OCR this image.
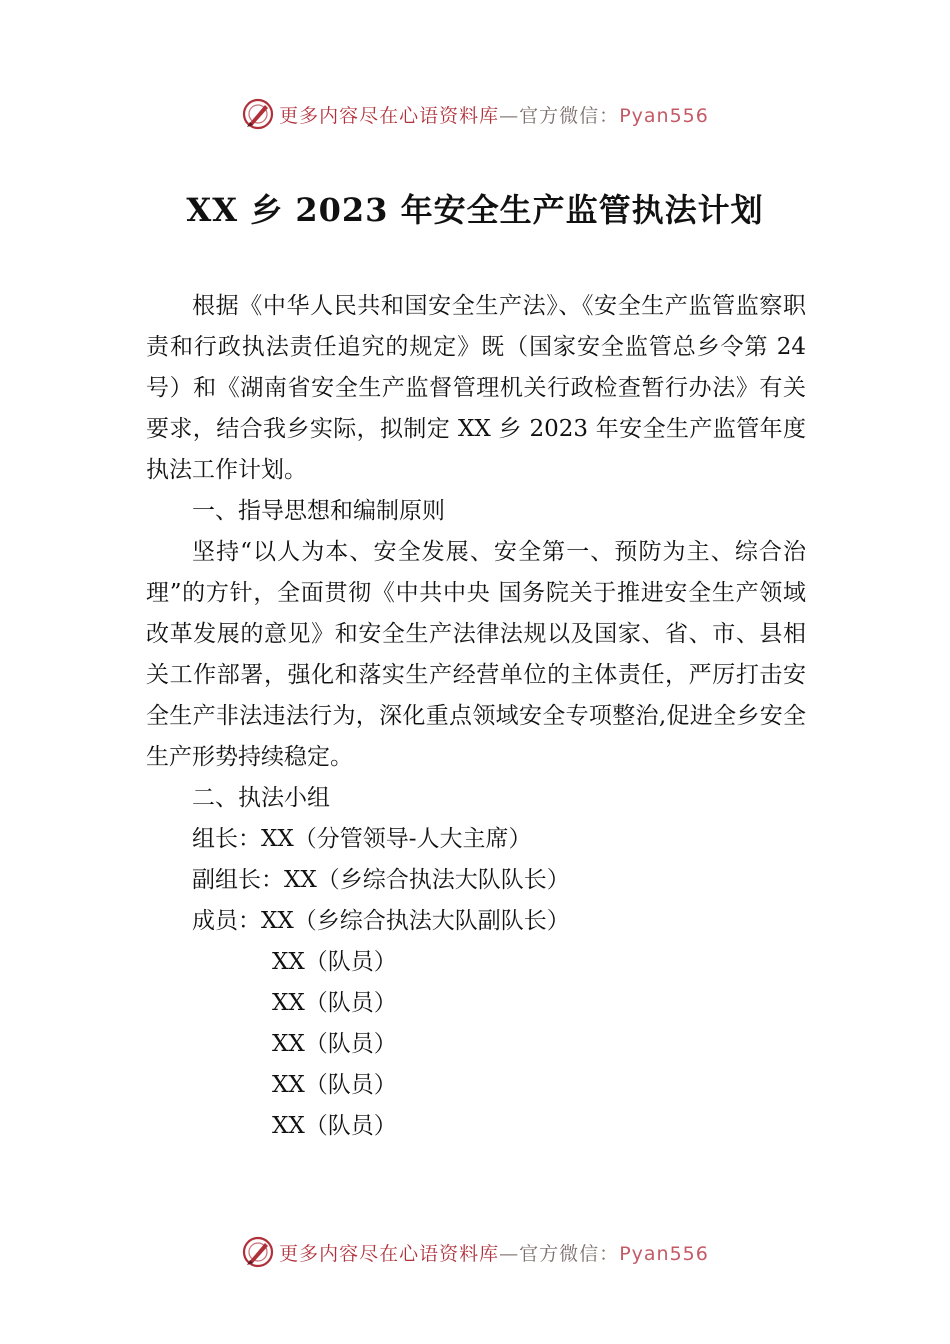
更多内容尽在心语资料库—官方微信：Pyan556
XX 乡 2023 年安全生产监管执法计划

根据《中华人民共和国安全生产法》、《安全生产监管监察职责和行政执法责任追究的规定》既（国家安全监管总乡令第 24 号）和《湖南省安全生产监督管理机关行政检查暂行办法》有关要求，结合我乡实际，拟制定 XX 乡 2023 年安全生产监管年度执法工作计划。

一、指导思想和编制原则

坚持“以人为本、安全发展、安全第一、预防为主、综合治理”的方针，全面贯彻《中共中央 国务院关于推进安全生产领域改革发展的意见》和安全生产法律法规以及国家、省、市、县相关工作部署，强化和落实生产经营单位的主体责任，严厉打击安全生产非法违法行为，深化重点领域安全专项整治,促进全乡安全生产形势持续稳定。

二、执法小组

组长：XX（分管领导-人大主席）

副组长：XX（乡综合执法大队队长）

成员：XX（乡综合执法大队副队长）

XX（队员）

XX（队员）

XX（队员）

XX（队员）

XX（队员）

更多内容尽在心语资料库—官方微信：Pyan556
